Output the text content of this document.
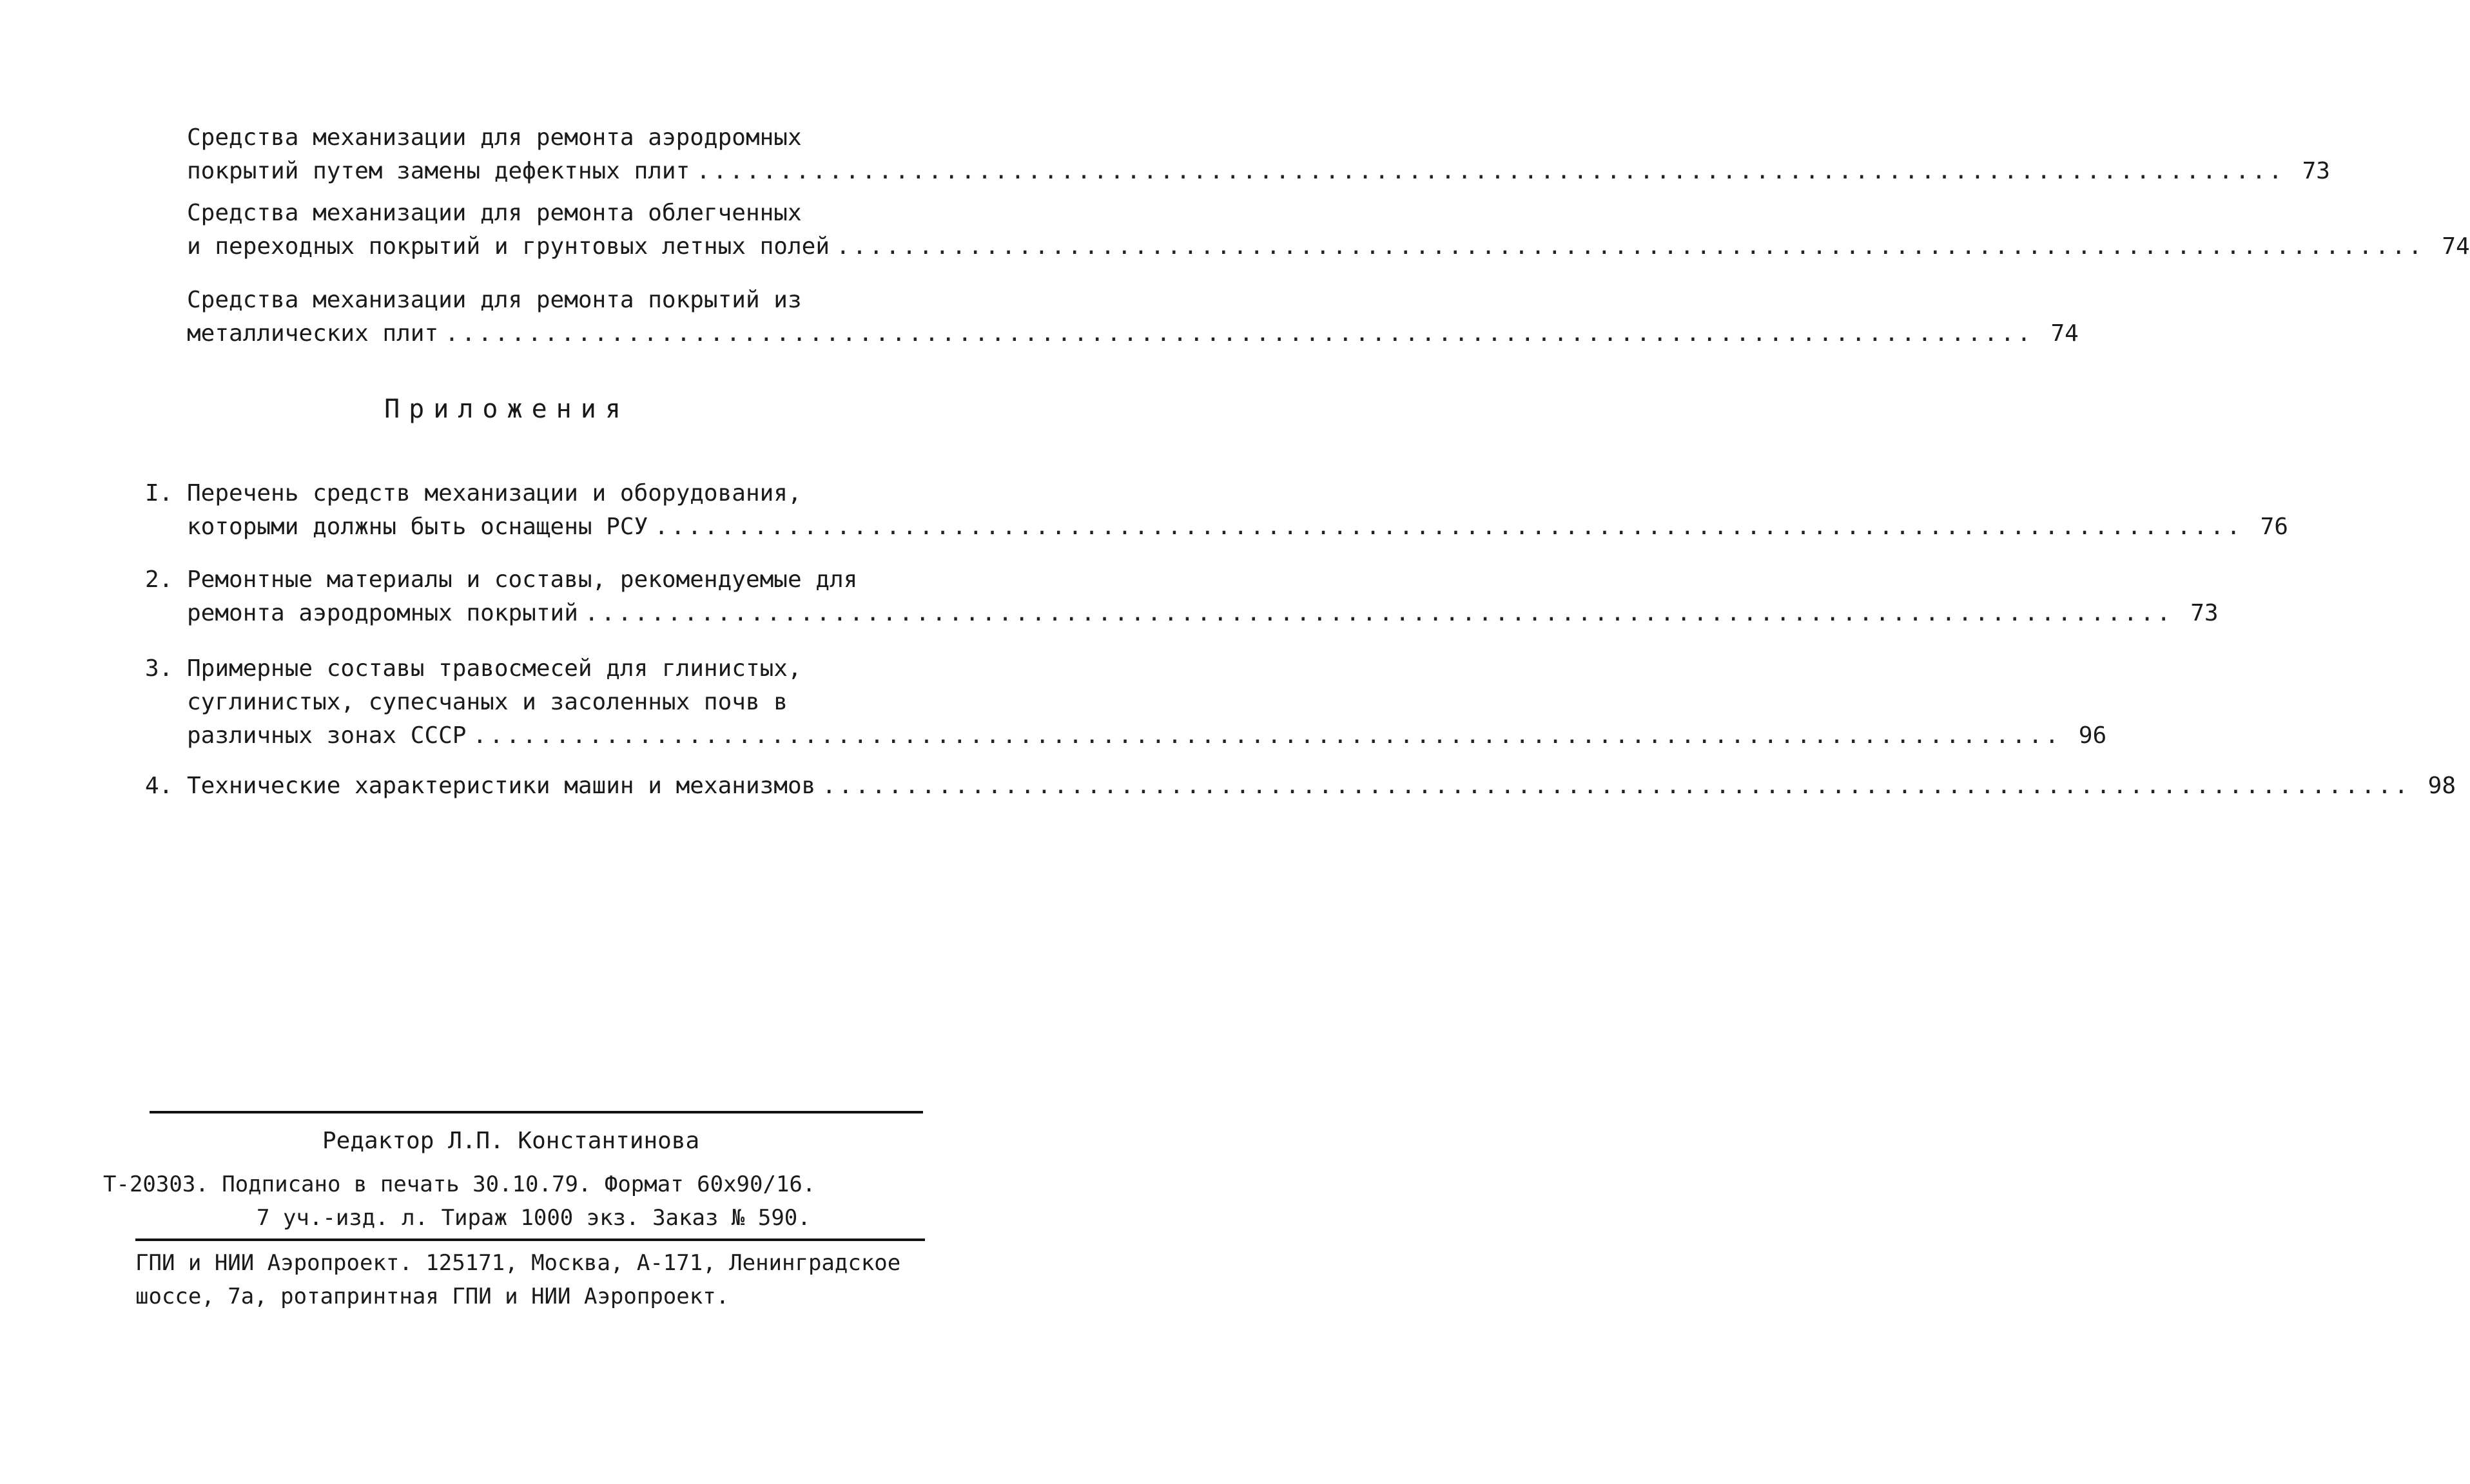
Средства механизации для ремонта аэродромных
покрытий путем замены дефектных плит ................................................................................................ 73
Средства механизации для ремонта облегченных
и переходных покрытий и грунтовых летных полей ................................................................................................ 74
Средства механизации для ремонта покрытий из
металлических плит ................................................................................................ 74
Приложения
I. Перечень средств механизации и оборудования,
которыми должны быть оснащены РСУ ................................................................................................ 76
2. Ремонтные материалы и составы, рекомендуемые для
ремонта аэродромных покрытий ................................................................................................ 73
3. Примерные составы травосмесей для глинистых,
суглинистых, супесчаных и засоленных почв в
различных зонах СССР ................................................................................................ 96
4. Технические характеристики машин и механизмов ................................................................................................ 98
Редактор Л.П. Константинова
Т-20303. Подписано в печать 30.10.79. Формат 60х90/16.
7 уч.-изд. л. Тираж 1000 экз. Заказ № 590.
ГПИ и НИИ Аэропроект. 125171, Москва, А-171, Ленинградское
шоссе, 7а, ротапринтная ГПИ и НИИ Аэропроект.
